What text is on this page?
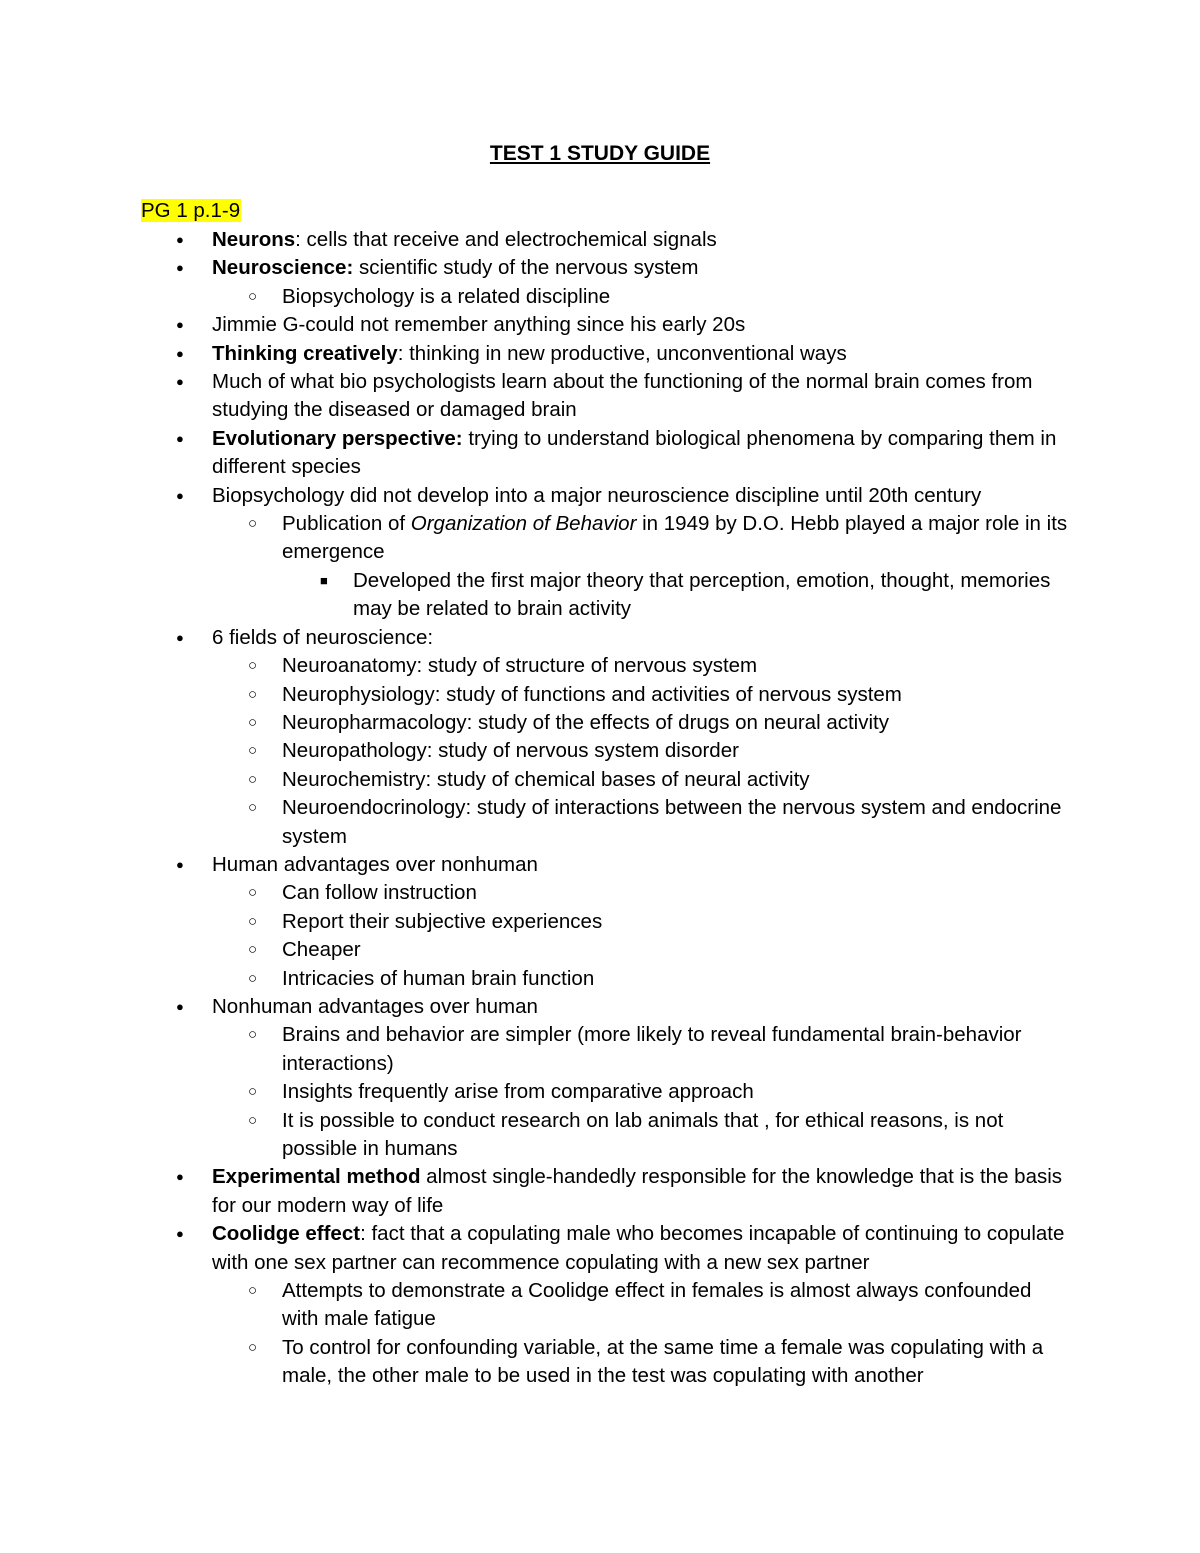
TEST 1 STUDY GUIDE
PG 1 p.1-9
● Neurons: cells that receive and electrochemical signals
● Neuroscience: scientific study of the nervous system
○ Biopsychology is a related discipline
● Jimmie G-could not remember anything since his early 20s
● Thinking creatively: thinking in new productive, unconventional ways
● Much of what bio psychologists learn about the functioning of the normal brain comes from studying the diseased or damaged brain
● Evolutionary perspective: trying to understand biological phenomena by comparing them in different species
● Biopsychology did not develop into a major neuroscience discipline until 20th century
○ Publication of Organization of Behavior in 1949 by D.O. Hebb played a major role in its emergence
■ Developed the first major theory that perception, emotion, thought, memories may be related to brain activity
● 6 fields of neuroscience:
○ Neuroanatomy: study of structure of nervous system
○ Neurophysiology: study of functions and activities of nervous system
○ Neuropharmacology: study of the effects of drugs on neural activity
○ Neuropathology: study of nervous system disorder
○ Neurochemistry: study of chemical bases of neural activity
○ Neuroendocrinology: study of interactions between the nervous system and endocrine system
● Human advantages over nonhuman
○ Can follow instruction
○ Report their subjective experiences
○ Cheaper
○ Intricacies of human brain function
● Nonhuman advantages over human
○ Brains and behavior are simpler (more likely to reveal fundamental brain-behavior interactions)
○ Insights frequently arise from comparative approach
○ It is possible to conduct research on lab animals that , for ethical reasons, is not possible in humans
● Experimental method almost single-handedly responsible for the knowledge that is the basis for our modern way of life
● Coolidge effect: fact that a copulating male who becomes incapable of continuing to copulate with one sex partner can recommence copulating with a new sex partner
○ Attempts to demonstrate a Coolidge effect in females is almost always confounded with male fatigue
○ To control for confounding variable, at the same time a female was copulating with a male, the other male to be used in the test was copulating with another
